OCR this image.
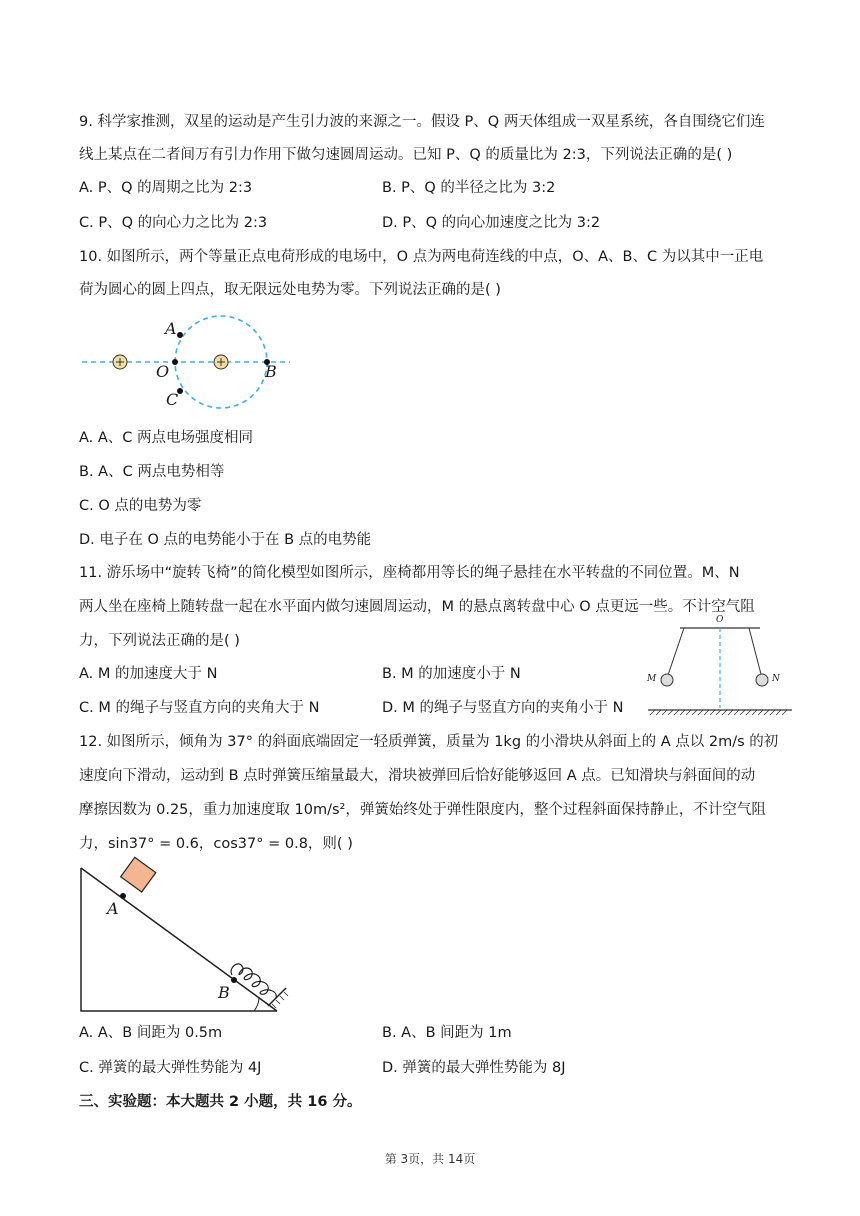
9. 科学家推测，双星的运动是产生引力波的来源之一。假设 P、Q 两天体组成一双星系统，各自围绕它们连
线上某点在二者间万有引力作用下做匀速圆周运动。已知 P、Q 的质量比为 2:3，下列说法正确的是( )
A. P、Q 的周期之比为 2:3	B. P、Q 的半径之比为 3:2
C. P、Q 的向心力之比为 2:3	D. P、Q 的向心加速度之比为 3:2
10. 如图所示，两个等量正点电荷形成的电场中，O 点为两电荷连线的中点，O、A、B、C 为以其中一正电
荷为圆心的圆上四点，取无限远处电势为零。下列说法正确的是( )
A
O	B
C
A. A、C 两点电场强度相同
B. A、C 两点电势相等
C. O 点的电势为零
D. 电子在 O 点的电势能小于在 B 点的电势能
11. 游乐场中“旋转飞椅”的简化模型如图所示，座椅都用等长的绳子悬挂在水平转盘的不同位置。M、N
两人坐在座椅上随转盘一起在水平面内做匀速圆周运动，M 的悬点离转盘中心 O 点更远一些。不计空气阻
力，下列说法正确的是( )
O
M	N
A. M 的加速度大于 N	B. M 的加速度小于 N
C. M 的绳子与竖直方向的夹角大于 N	D. M 的绳子与竖直方向的夹角小于 N
12. 如图所示，倾角为 37° 的斜面底端固定一轻质弹簧，质量为 1kg 的小滑块从斜面上的 A 点以 2m/s 的初
速度向下滑动，运动到 B 点时弹簧压缩量最大，滑块被弹回后恰好能够返回 A 点。已知滑块与斜面间的动
摩擦因数为 0.25，重力加速度取 10m/s²，弹簧始终处于弹性限度内，整个过程斜面保持静止，不计空气阻
力，sin37° = 0.6，cos37° = 0.8，则( )
A
B
A. A、B 间距为 0.5m	B. A、B 间距为 1m
C. 弹簧的最大弹性势能为 4J	D. 弹簧的最大弹性势能为 8J
三、实验题：本大题共 2 小题，共 16 分。
第 3页，共 14页
